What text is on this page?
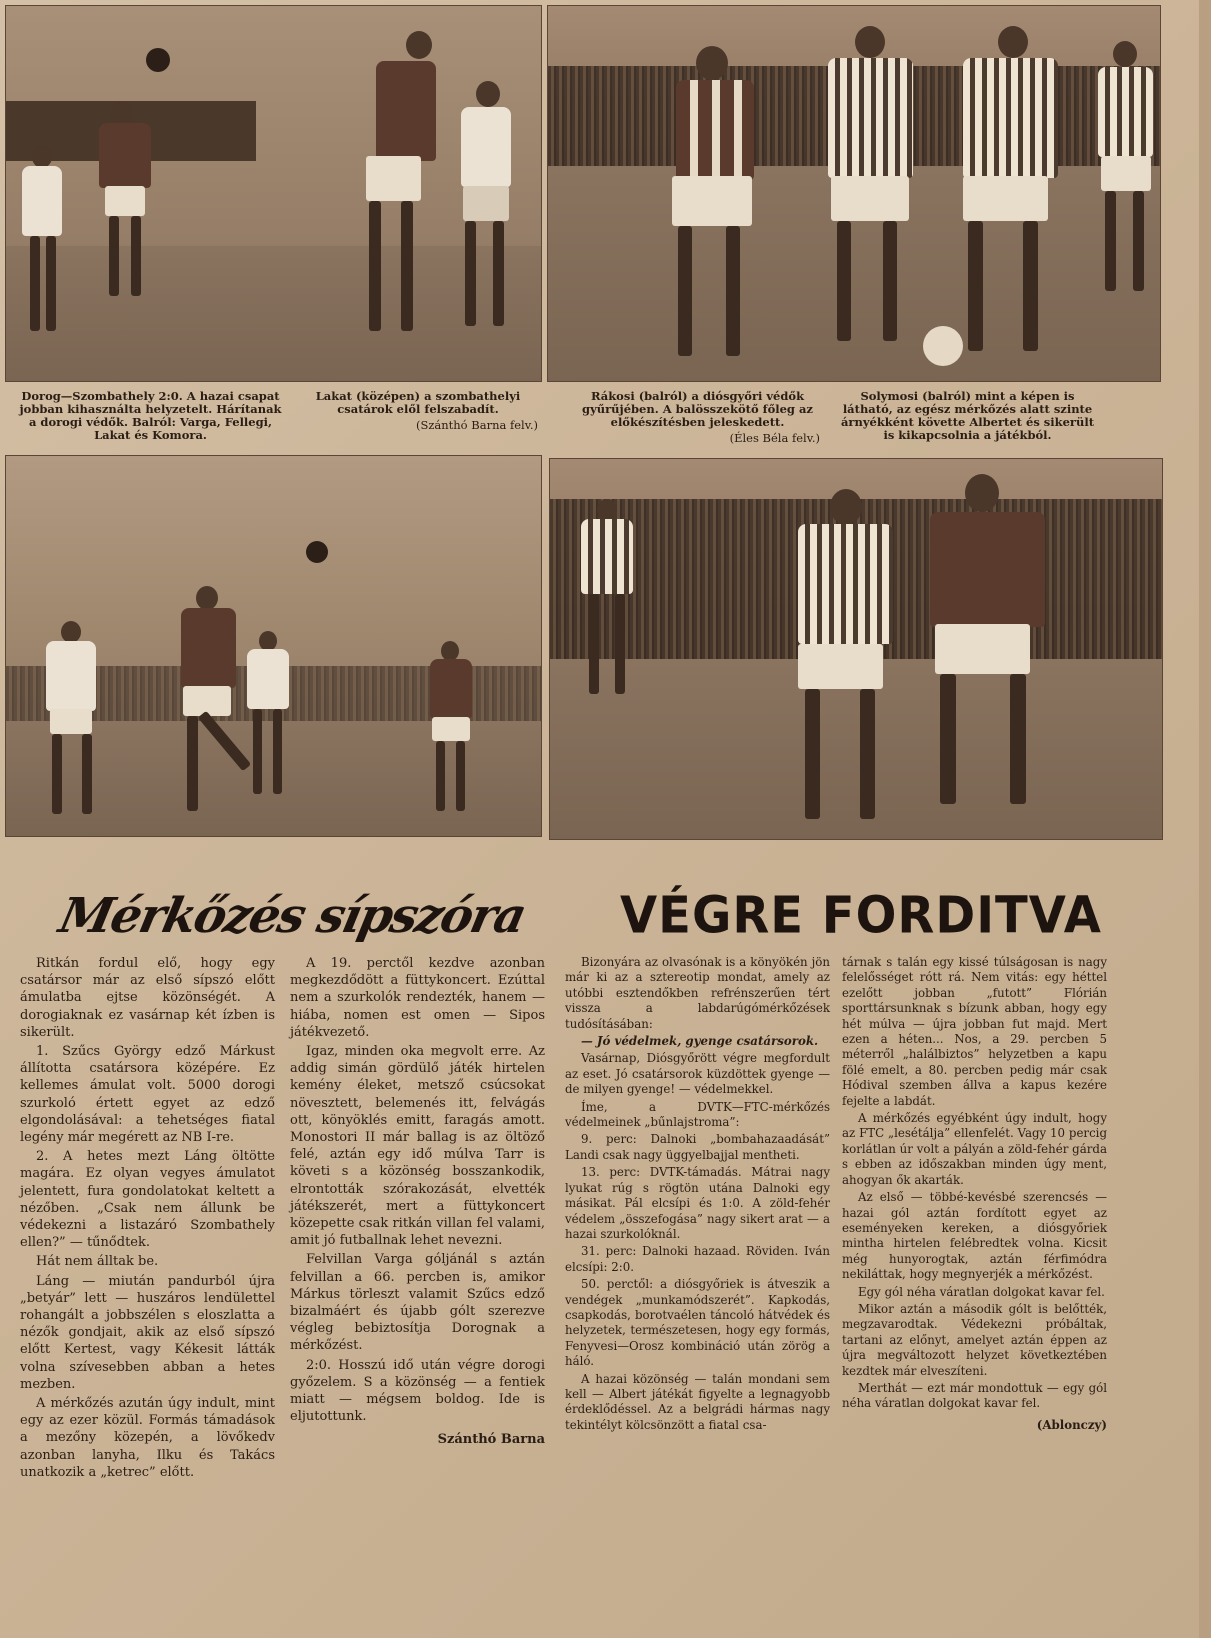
Dorog—Szombathely 2:0. A hazai csapat jobban kihasználta helyzetelt. Hárítanak a dorogi védők. Balról: Varga, Fellegi, Lakat és Komora.
Lakat (középen) a szombathelyi csatárok elől felszabadít.
(Szánthó Barna felv.)
Rákosi (balról) a diósgyőri védők gyűrűjében. A balösszekötő főleg az előkészítésben jeleskedett.
(Éles Béla felv.)
Solymosi (balról) mint a képen is látható, az egész mérkőzés alatt szinte árnyékként követte Albertet és sikerült is kikapcsolnia a játékból.
Mérkőzés sípszóra	VÉGRE FORDITVA

Ritkán fordul elő, hogy egy csatársor már az első sípszó előtt ámulatba ejtse közönségét. A dorogiaknak ez vasárnap két ízben is sikerült.

1. Szűcs György edző Márkust állította csatársora középére. Ez kellemes ámulat volt. 5000 dorogi szurkoló értett egyet az edző elgondolásával: a tehetséges fiatal legény már megérett az NB I-re.

2. A hetes mezt Láng öltötte magára. Ez olyan vegyes ámulatot jelentett, fura gondolatokat keltett a nézőben. „Csak nem állunk be védekezni a listazáró Szombathely ellen?” — tűnődtek.

Hát nem álltak be.

Láng — miután pandurból újra „betyár” lett — huszáros lendülettel rohangált a jobbszélen s eloszlatta a nézők gondjait, akik az első sípszó előtt Kertest, vagy Kékesit látták volna szívesebben abban a hetes mezben.

A mérkőzés azután úgy indult, mint egy az ezer közül. Formás támadások a mezőny közepén, a lövőkedv azonban lanyha, Ilku és Takács unatkozik a „ketrec” előtt.

A 19. perctől kezdve azonban megkezdődött a füttykoncert. Ezúttal nem a szurkolók rendezték, hanem — hiába, nomen est omen — Sipos játékvezető.

Igaz, minden oka megvolt erre. Az addig simán gördülő játék hirtelen kemény éleket, metsző csúcsokat növesztett, belemenés itt, felvágás ott, könyöklés emitt, faragás amott. Monostori II már ballag is az öltöző felé, aztán egy idő múlva Tarr is követi s a közönség bosszankodik, elrontották szórakozását, elvették játékszerét, mert a füttykoncert közepette csak ritkán villan fel valami, amit jó futballnak lehet nevezni.

Felvillan Varga góljánál s aztán felvillan a 66. percben is, amikor Márkus törleszt valamit Szűcs edző bizalmáért és újabb gólt szerezve végleg bebiztosítja Dorognak a mérkőzést.

2:0. Hosszú idő után végre dorogi győzelem. S a közönség — a fentiek miatt — mégsem boldog. Ide is eljutottunk.

Szánthó Barna

Bizonyára az olvasónak is a könyökén jön már ki az a sztereotip mondat, amely az utóbbi esztendőkben refrénszerűen tért vissza a labdarúgómérkőzések tudósításában:

— Jó védelmek, gyenge csatársorok.

Vasárnap, Diósgyőrött végre megfordult az eset. Jó csatársorok küzdöttek gyenge — de milyen gyenge! — védelmekkel.

Íme, a DVTK—FTC-mérkőzés védelmeinek „bűnlajstroma”:

9. perc: Dalnoki „bombahazaadását” Landi csak nagy üggyelbajjal mentheti.

13. perc: DVTK-támadás. Mátrai nagy lyukat rúg s rögtön utána Dalnoki egy másikat. Pál elcsípi és 1:0. A zöld-fehér védelem „összefogása” nagy sikert arat — a hazai szurkolóknál.

31. perc: Dalnoki hazaad. Röviden. Iván elcsípi: 2:0.

50. perctől: a diósgyőriek is átveszik a vendégek „munkamódszerét”. Kapkodás, csapkodás, borotvaélen táncoló hátvédek és helyzetek, természetesen, hogy egy formás, Fenyvesi—Orosz kombináció után zörög a háló.

A hazai közönség — talán mondani sem kell — Albert játékát figyelte a legnagyobb érdeklődéssel. Az a belgrádi hármas nagy tekintélyt kölcsönzött a fiatal csa-

tárnak s talán egy kissé túlságosan is nagy felelősséget rótt rá. Nem vitás: egy héttel ezelőtt jobban „futott” Flórián sporttársunknak s bízunk abban, hogy egy hét múlva — újra jobban fut majd. Mert ezen a héten... Nos, a 29. percben 5 méterről „halálbiztos” helyzetben a kapu fölé emelt, a 80. percben pedig már csak Hódival szemben állva a kapus kezére fejelte a labdát.

A mérkőzés egyébként úgy indult, hogy az FTC „lesétálja” ellenfelét. Vagy 10 percig korlátlan úr volt a pályán a zöld-fehér gárda s ebben az időszakban minden úgy ment, ahogyan ők akarták.

Az első — többé-kevésbé szerencsés — hazai gól aztán fordított egyet az eseményeken kereken, a diósgyőriek mintha hirtelen felébredtek volna. Kicsit még hunyorogtak, aztán férfimódra nekiláttak, hogy megnyerjék a mérkőzést.

Egy gól néha váratlan dolgokat kavar fel.

Mikor aztán a második gólt is belőtték, megzavarodtak. Védekezni próbáltak, tartani az előnyt, amelyet aztán éppen az újra megváltozott helyzet következtében kezdtek már elveszíteni.

Merthát — ezt már mondottuk — egy gól néha váratlan dolgokat kavar fel.

(Ablonczy)
